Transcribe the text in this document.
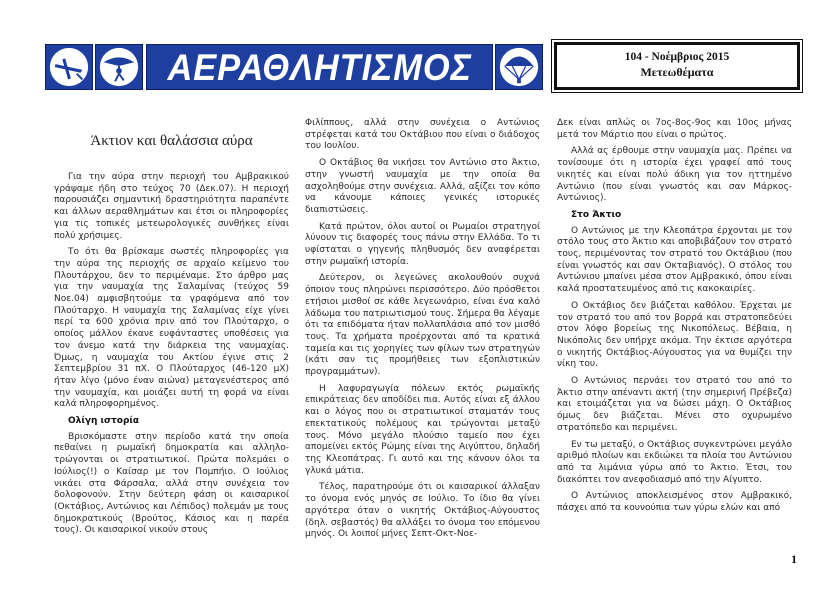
ΑΕΡΑΘΛΗΤΙΣΜΟΣ	104 - Νοέμβριος 2015
Μετεωθέματα
Άκτιον και θαλάσσια αύρα

Για την αύρα στην περιοχή του Αμβρακικού γράψαμε ήδη στο τεύχος 70 (Δεκ.07). Η περιοχή παρουσιάζει σημαντική δραστηριότητα παραπέντε και άλλων αεραθλημάτων και έτσι οι πληροφορίες για τις τοπικές μετεωρολογικές συνθήκες είναι πολύ χρήσιμες.

Το ότι θα βρίσκαμε σωστές πληροφορίες για την αύρα της περιοχής σε αρχαίο κείμενο του Πλουτάρχου, δεν το περιμέναμε. Στο άρθρο μας για την ναυμαχία της Σαλαμίνας (τεύχος 59 Νοε.04) αμφισβητούμε τα γραφόμενα από τον Πλούταρχο. Η ναυμαχία της Σαλαμίνας είχε γίνει περί τα 600 χρόνια πριν από τον Πλούταρχο, ο οποίος μάλλον έκανε ευφάνταστες υποθέσεις για τον άνεμο κατά την διάρκεια της ναυμαχίας. Όμως, η ναυμαχία του Ακτίου έγινε στις 2 Σεπτεμβρίου 31 πΧ. Ο Πλούταρχος (46-120 μΧ) ήταν λίγο (μόνο έναν αιώνα) μεταγενέστερος από την ναυμαχία, και μοιάζει αυτή τη φορά να είναι καλά πληροφορημένος.

Ολίγη ιστορία

Βρισκόμαστε στην περίοδο κατά την οποία πεθαίνει η ρωμαϊκή δημοκρατία και αλληλο-τρώγονται οι στρατιωτικοί. Πρώτα πολεμάει ο Ιούλιος(!) ο Καίσαρ με τον Πομπήιο. Ο Ιούλιος νικάει στα Φάρσαλα, αλλά στην συνέχεια τον δολοφονούν. Στην δεύτερη φάση οι καισαρικοί (Οκτάβιος, Αντώνιος και Λέπιδος) πολεμάν με τους δημοκρατικούς (Βρούτος, Κάσιος και η παρέα τους). Οι καισαρικοί νικούν στους

Φιλίππους, αλλά στην συνέχεια ο Αντώνιος στρέφεται κατά του Οκτάβιου που είναι ο διάδοχος του Ιουλίου.

Ο Οκτάβιος θα νικήσει τον Αντώνιο στο Άκτιο, στην γνωστή ναυμαχία με την οποία θα ασχοληθούμε στην συνέχεια. Αλλά, αξίζει τον κόπο να κάνουμε κάποιες γενικές ιστορικές διαπιστώσεις.

Κατά πρώτον, όλοι αυτοί οι Ρωμαίοι στρατηγοί λύνουν τις διαφορές τους πάνω στην Ελλάδα. Το τι υφίσταται ο γηγενής πληθυσμός δεν αναφέρεται στην ρωμαϊκή ιστορία.

Δεύτερον, οι λεγεώνες ακολουθούν συχνά όποιον τους πληρώνει περισσότερο. Δύο πρόσθετοι ετήσιοι μισθοί σε κάθε λεγεωνάριο, είναι ένα καλό λάδωμα του πατριωτισμού τους. Σήμερα θα λέγαμε ότι τα επιδόματα ήταν πολλαπλάσια από τον μισθό τους. Τα χρήματα προέρχονται από τα κρατικά ταμεία και τις χορηγίες των φίλων των στρατηγών (κάτι σαν τις προμήθειες των εξοπλιστικών προγραμμάτων).

Η λαφυραγωγία πόλεων εκτός ρωμαϊκής επικράτειας δεν αποδίδει πια. Αυτός είναι εξ άλλου και ο λόγος που οι στρατιωτικοί σταματάν τους επεκτατικούς πολέμους και τρώγονται μεταξύ τους. Μόνο μεγάλο πλούσιο ταμείο που έχει απομείνει εκτός Ρώμης είναι της Αιγύπτου, δηλαδή της Κλεοπάτρας. Γι αυτό και της κάνουν όλοι τα γλυκά μάτια.

Τέλος, παρατηρούμε ότι οι καισαρικοί άλλαξαν το όνομα ενός μηνός σε Ιούλιο. Το ίδιο θα γίνει αργότερα όταν ο νικητής Οκτάβιος-Αύγουστος (δηλ. σεβαστός) θα αλλάξει το όνομα του επόμενου μηνός. Οι λοιποί μήνες Σεπτ-Οκτ-Νοε-

Δεκ είναι απλώς οι 7ος-8ος-9ος και 10ος μήνας μετά τον Μάρτιο που είναι ο πρώτος.

Αλλά ας έρθουμε στην ναυμαχία μας. Πρέπει να τονίσουμε ότι η ιστορία έχει γραφεί από τους νικητές και είναι πολύ άδικη για τον ηττημένο Αντώνιο (που είναι γνωστός και σαν Μάρκος-Αντώνιος).

Στο Άκτιο

Ο Αντώνιος με την Κλεοπάτρα έρχονται με τον στόλο τους στο Άκτιο και αποβιβάζουν τον στρατό τους, περιμένοντας τον στρατό του Οκτάβιου (που είναι γνωστός και σαν Οκταβιανός). Ο στόλος του Αντώνιου μπαίνει μέσα στον Αμβρακικό, όπου είναι καλά προστατευμένος από τις κακοκαιρίες.

Ο Οκτάβιος δεν βιάζεται καθόλου. Έρχεται με τον στρατό του από τον βορρά και στρατοπεδεύει στον λόφο βορείως της Νικοπόλεως. Βέβαια, η Νικόπολις δεν υπήρχε ακόμα. Την έκτισε αργότερα ο νικητής Οκτάβιος-Αύγουστος για να θυμίζει την νίκη του.

Ο Αντώνιος περνάει τον στρατό του από το Άκτιο στην απέναντι ακτή (την σημερινή Πρέβεζα) και ετοιμάζεται για να δώσει μάχη. Ο Οκτάβιος όμως δεν βιάζεται. Μένει στο οχυρωμένο στρατόπεδο και περιμένει.

Εν τω μεταξύ, ο Οκτάβιος συγκεντρώνει μεγάλο αριθμό πλοίων και εκδιώκει τα πλοία του Αντώνιου από τα λιμάνια γύρω από το Άκτιο. Έτσι, του διακόπτει τον ανεφοδιασμό από την Αίγυπτο.

Ο Αντώνιος αποκλεισμένος στον Αμβρακικό, πάσχει από τα κουνούπια των γύρω ελών και από

1
